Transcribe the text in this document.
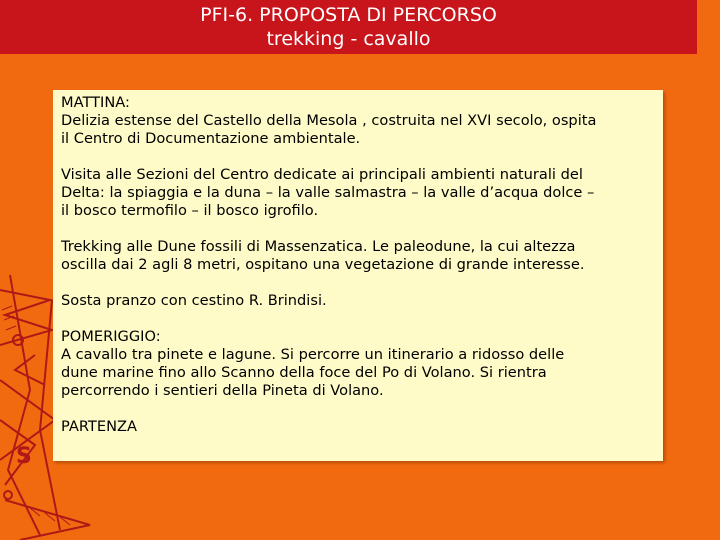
PFI-6. PROPOSTA DI PERCORSO
trekking - cavallo
S
MATTINA:
Delizia estense del Castello della Mesola , costruita nel XVI secolo, ospita
il Centro di Documentazione ambientale.
Visita alle Sezioni del Centro dedicate ai principali ambienti naturali del
Delta: la spiaggia e la duna – la valle salmastra – la valle d’acqua dolce –
il bosco termofilo – il bosco igrofilo.
Trekking alle Dune fossili di Massenzatica. Le paleodune, la cui altezza
oscilla dai 2 agli 8 metri, ospitano una vegetazione di grande interesse.
Sosta pranzo con cestino R. Brindisi.
POMERIGGIO:
A cavallo tra pinete e lagune. Si percorre un itinerario a ridosso delle
dune marine fino allo Scanno della foce del Po di Volano. Si rientra
percorrendo i sentieri della Pineta di Volano.
PARTENZA
